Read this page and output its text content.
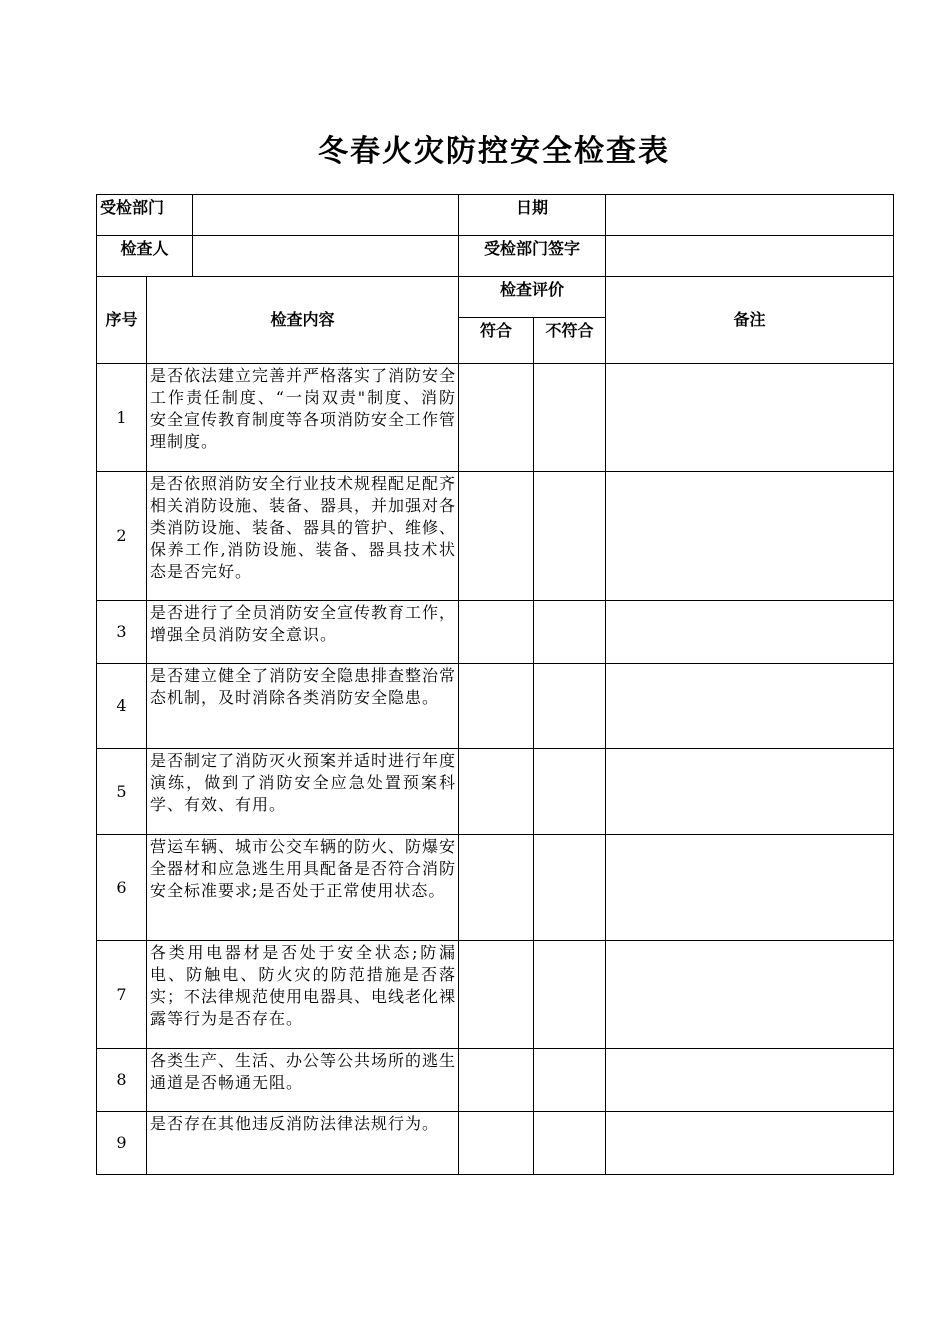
冬春火灾防控安全检查表
受检部门			日期		
检查人			受检部门签字		
序号	检查内容		检查评价		备注
			符合	不符合	
1	是否依法建立完善并严格落实了消防安全工作责任制度、“一岗双责"制度、消防安全宣传教育制度等各项消防安全工作管理制度。				
2	是否依照消防安全行业技术规程配足配齐相关消防设施、装备、器具，并加强对各类消防设施、装备、器具的管护、维修、保养工作,消防设施、装备、器具技术状态是否完好。				
3	是否进行了全员消防安全宣传教育工作，增强全员消防安全意识。				
4	是否建立健全了消防安全隐患排查整治常态机制，及时消除各类消防安全隐患。				
5	是否制定了消防灭火预案并适时进行年度演练，做到了消防安全应急处置预案科学、有效、有用。				
6	营运车辆、城市公交车辆的防火、防爆安全器材和应急逃生用具配备是否符合消防安全标准要求;是否处于正常使用状态。				
7	各类用电器材是否处于安全状态;防漏电、防触电、防火灾的防范措施是否落实；不法律规范使用电器具、电线老化裸露等行为是否存在。				
8	各类生产、生活、办公等公共场所的逃生通道是否畅通无阻。				
9	是否存在其他违反消防法律法规行为。				
